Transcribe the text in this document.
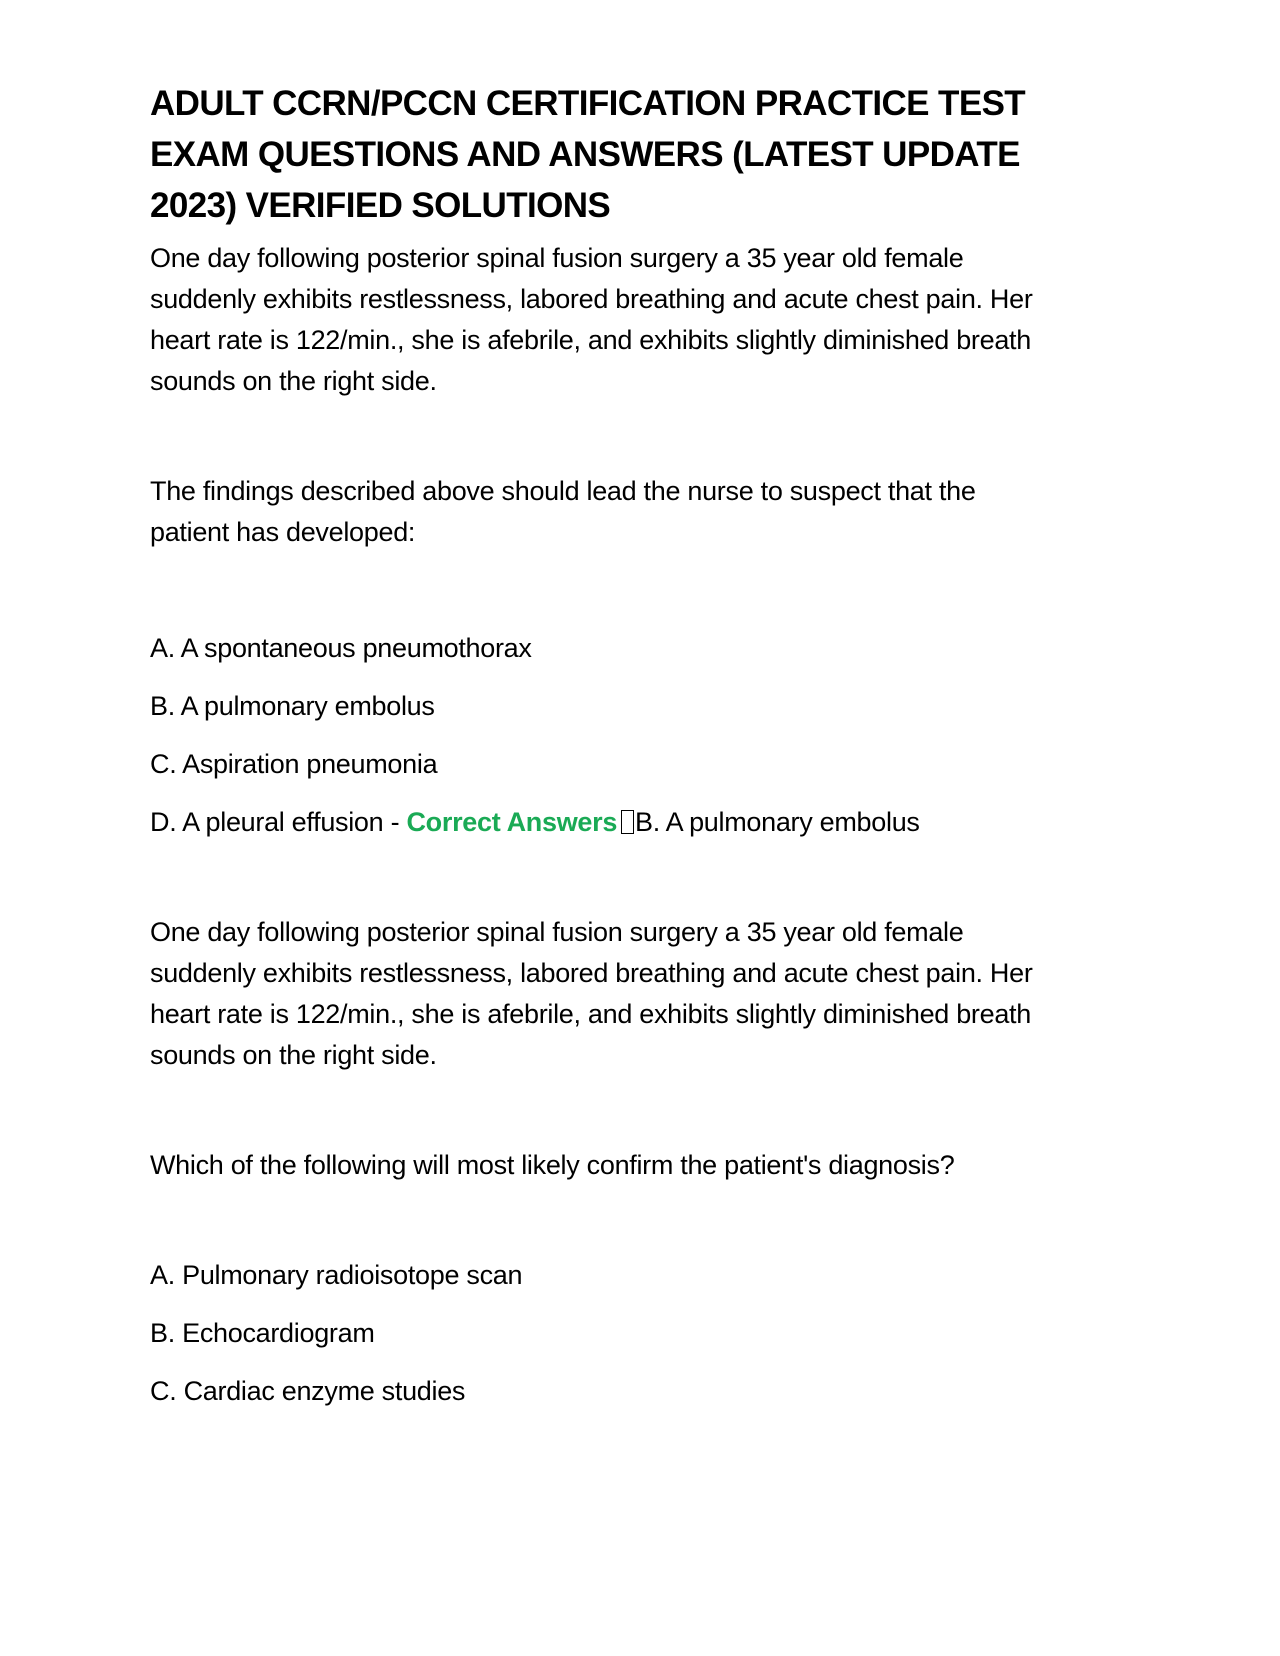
ADULT CCRN/PCCN CERTIFICATION PRACTICE TEST
EXAM QUESTIONS AND ANSWERS (LATEST UPDATE
2023) VERIFIED SOLUTIONS

One day following posterior spinal fusion surgery a 35 year old female
suddenly exhibits restlessness, labored breathing and acute chest pain. Her
heart rate is 122/min., she is afebrile, and exhibits slightly diminished breath
sounds on the right side.

The findings described above should lead the nurse to suspect that the
patient has developed:

A. A spontaneous pneumothorax

B. A pulmonary embolus

C. Aspiration pneumonia

D. A pleural effusion - Correct Answers B. A pulmonary embolus

One day following posterior spinal fusion surgery a 35 year old female
suddenly exhibits restlessness, labored breathing and acute chest pain. Her
heart rate is 122/min., she is afebrile, and exhibits slightly diminished breath
sounds on the right side.

Which of the following will most likely confirm the patient's diagnosis?

A. Pulmonary radioisotope scan

B. Echocardiogram

C. Cardiac enzyme studies
